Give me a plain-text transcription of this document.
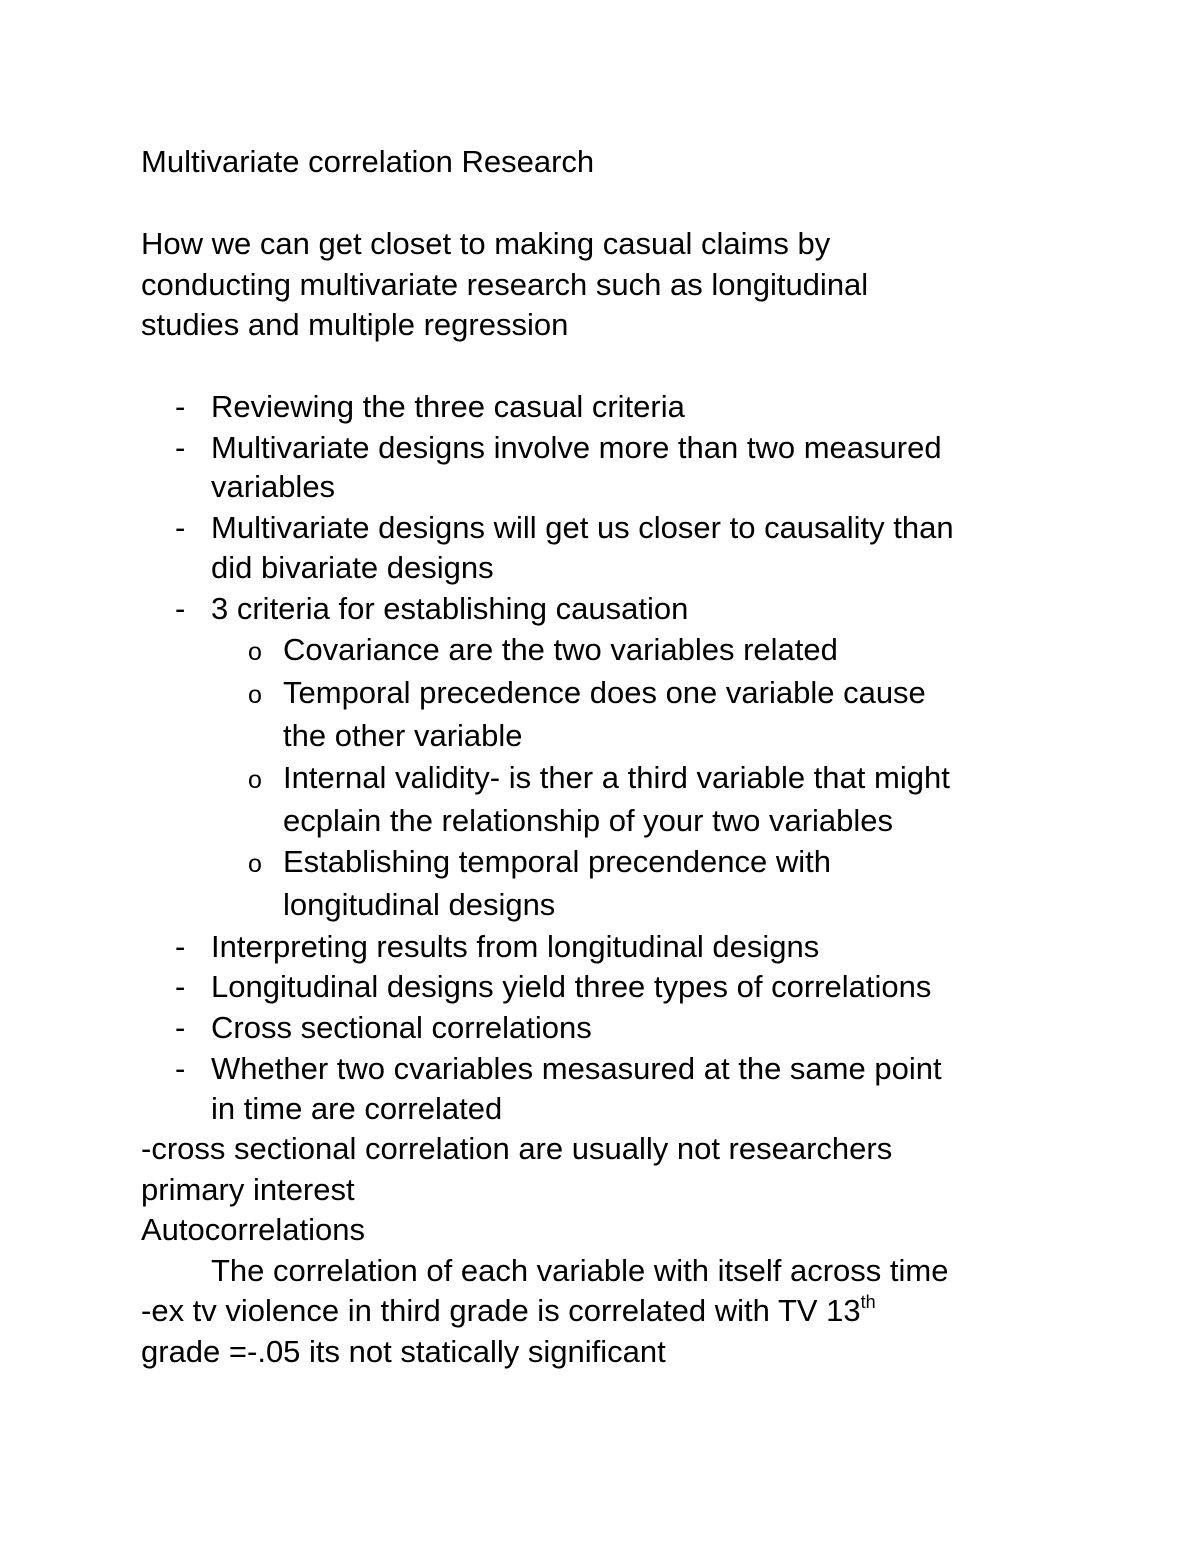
Multivariate correlation Research
How we can get closet to making casual claims by
conducting multivariate research such as longitudinal
studies and multiple regression
- Reviewing the three casual criteria
- Multivariate designs involve more than two measured
variables
- Multivariate designs will get us closer to causality than
did bivariate designs
- 3 criteria for establishing causation
o Covariance are the two variables related
o Temporal precedence does one variable cause
the other variable
o Internal validity- is ther a third variable that might
ecplain the relationship of your two variables
o Establishing temporal precendence with
longitudinal designs
- Interpreting results from longitudinal designs
- Longitudinal designs yield three types of correlations
- Cross sectional correlations
- Whether two cvariables mesasured at the same point
in time are correlated
-cross sectional correlation are usually not researchers
primary interest
Autocorrelations
The correlation of each variable with itself across time
-ex tv violence in third grade is correlated with TV 13th
grade =-.05 its not statically significant
